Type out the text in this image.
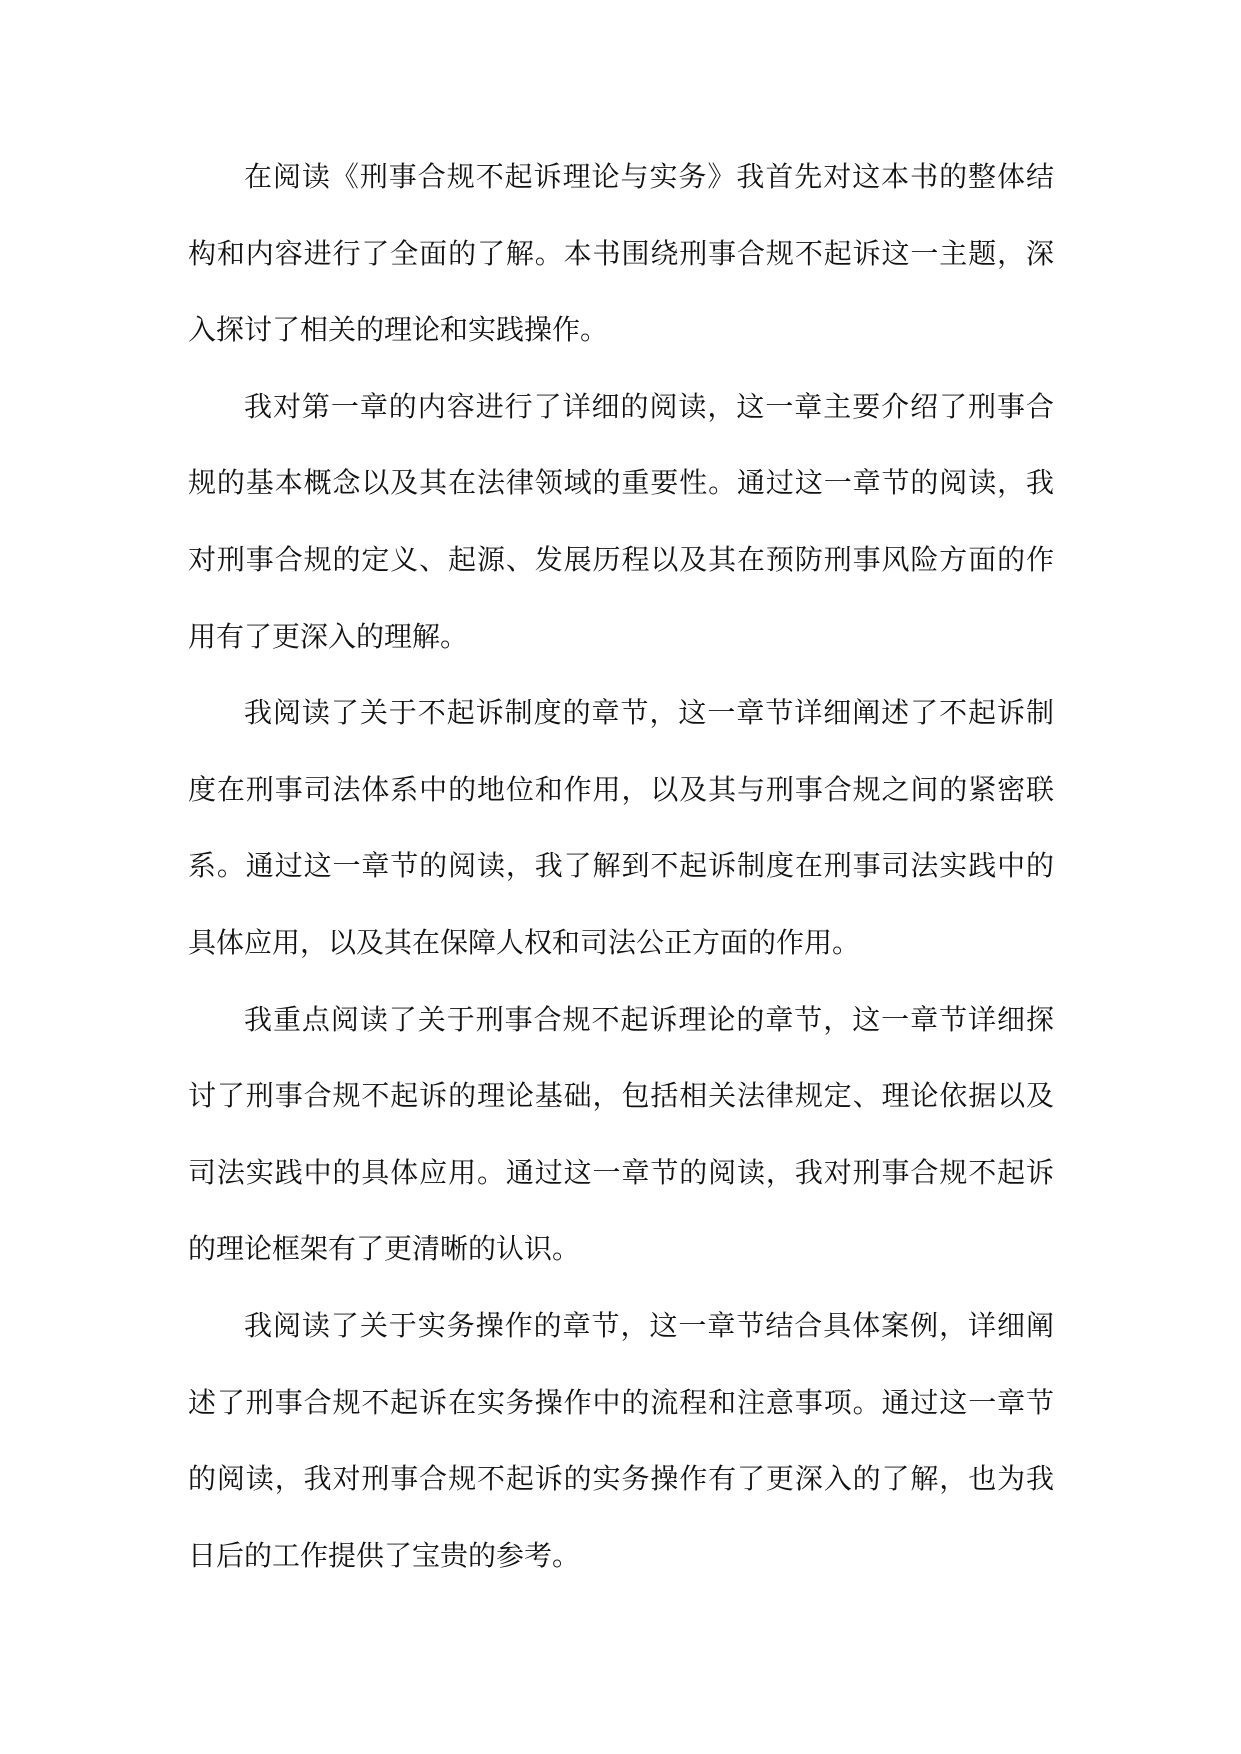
在阅读《刑事合规不起诉理论与实务》我首先对这本书的整体结构和内容进行了全面的了解。本书围绕刑事合规不起诉这一主题，深入探讨了相关的理论和实践操作。

我对第一章的内容进行了详细的阅读，这一章主要介绍了刑事合规的基本概念以及其在法律领域的重要性。通过这一章节的阅读，我对刑事合规的定义、起源、发展历程以及其在预防刑事风险方面的作用有了更深入的理解。

我阅读了关于不起诉制度的章节，这一章节详细阐述了不起诉制度在刑事司法体系中的地位和作用，以及其与刑事合规之间的紧密联系。通过这一章节的阅读，我了解到不起诉制度在刑事司法实践中的具体应用，以及其在保障人权和司法公正方面的作用。

我重点阅读了关于刑事合规不起诉理论的章节，这一章节详细探讨了刑事合规不起诉的理论基础，包括相关法律规定、理论依据以及司法实践中的具体应用。通过这一章节的阅读，我对刑事合规不起诉的理论框架有了更清晰的认识。

我阅读了关于实务操作的章节，这一章节结合具体案例，详细阐述了刑事合规不起诉在实务操作中的流程和注意事项。通过这一章节的阅读，我对刑事合规不起诉的实务操作有了更深入的了解，也为我日后的工作提供了宝贵的参考。
